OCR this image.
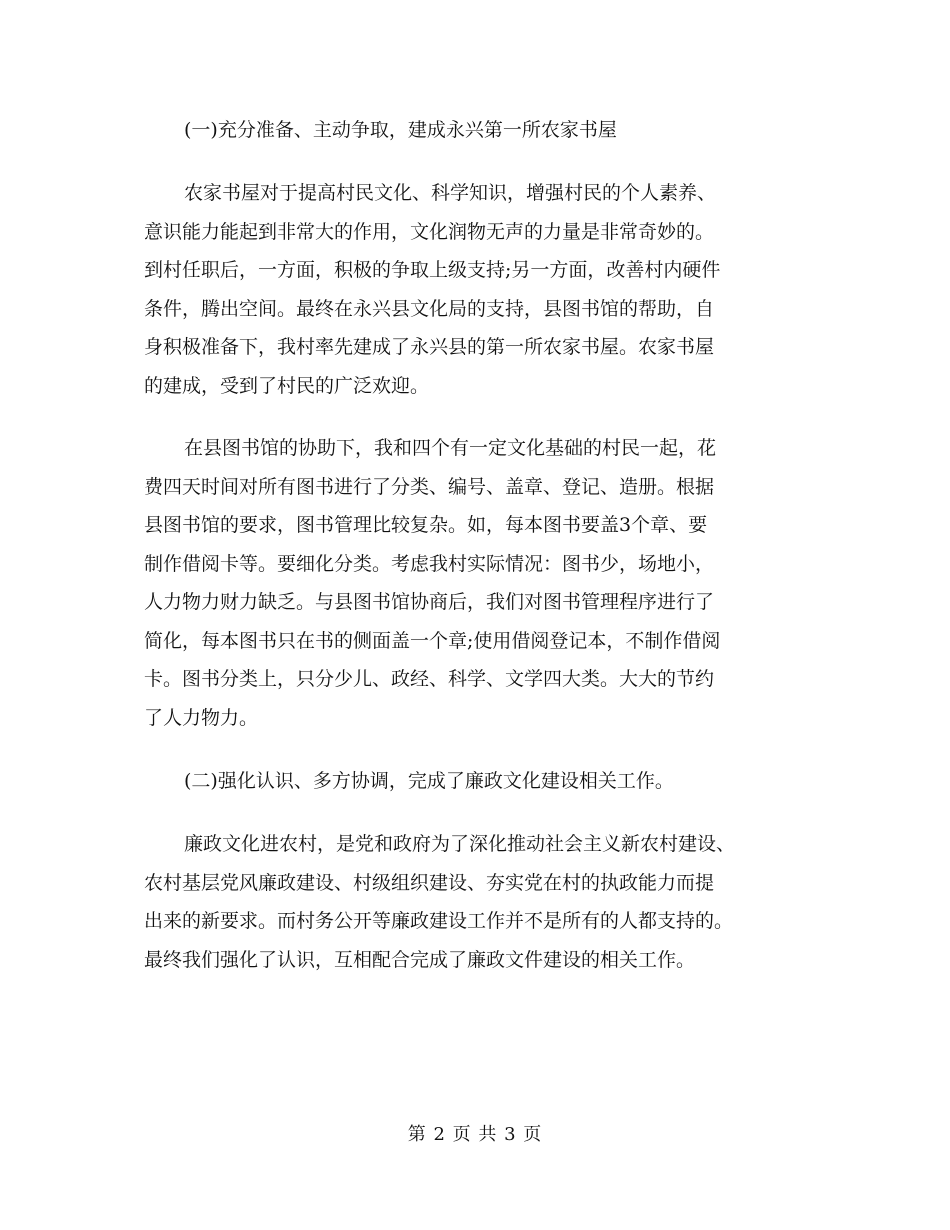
(一)充分准备、主动争取，建成永兴第一所农家书屋
农家书屋对于提高村民文化、科学知识，增强村民的个人素养、
意识能力能起到非常大的作用，文化润物无声的力量是非常奇妙的。
到村任职后，一方面，积极的争取上级支持;另一方面，改善村内硬件
条件，腾出空间。最终在永兴县文化局的支持，县图书馆的帮助，自
身积极准备下，我村率先建成了永兴县的第一所农家书屋。农家书屋
的建成，受到了村民的广泛欢迎。
在县图书馆的协助下，我和四个有一定文化基础的村民一起，花
费四天时间对所有图书进行了分类、编号、盖章、登记、造册。根据
县图书馆的要求，图书管理比较复杂。如，每本图书要盖3个章、要
制作借阅卡等。要细化分类。考虑我村实际情况：图书少，场地小，
人力物力财力缺乏。与县图书馆协商后，我们对图书管理程序进行了
简化，每本图书只在书的侧面盖一个章;使用借阅登记本，不制作借阅
卡。图书分类上，只分少儿、政经、科学、文学四大类。大大的节约
了人力物力。
(二)强化认识、多方协调，完成了廉政文化建设相关工作。
廉政文化进农村，是党和政府为了深化推动社会主义新农村建设、
农村基层党风廉政建设、村级组织建设、夯实党在村的执政能力而提
出来的新要求。而村务公开等廉政建设工作并不是所有的人都支持的。
最终我们强化了认识，互相配合完成了廉政文件建设的相关工作。
第 2 页 共 3 页
